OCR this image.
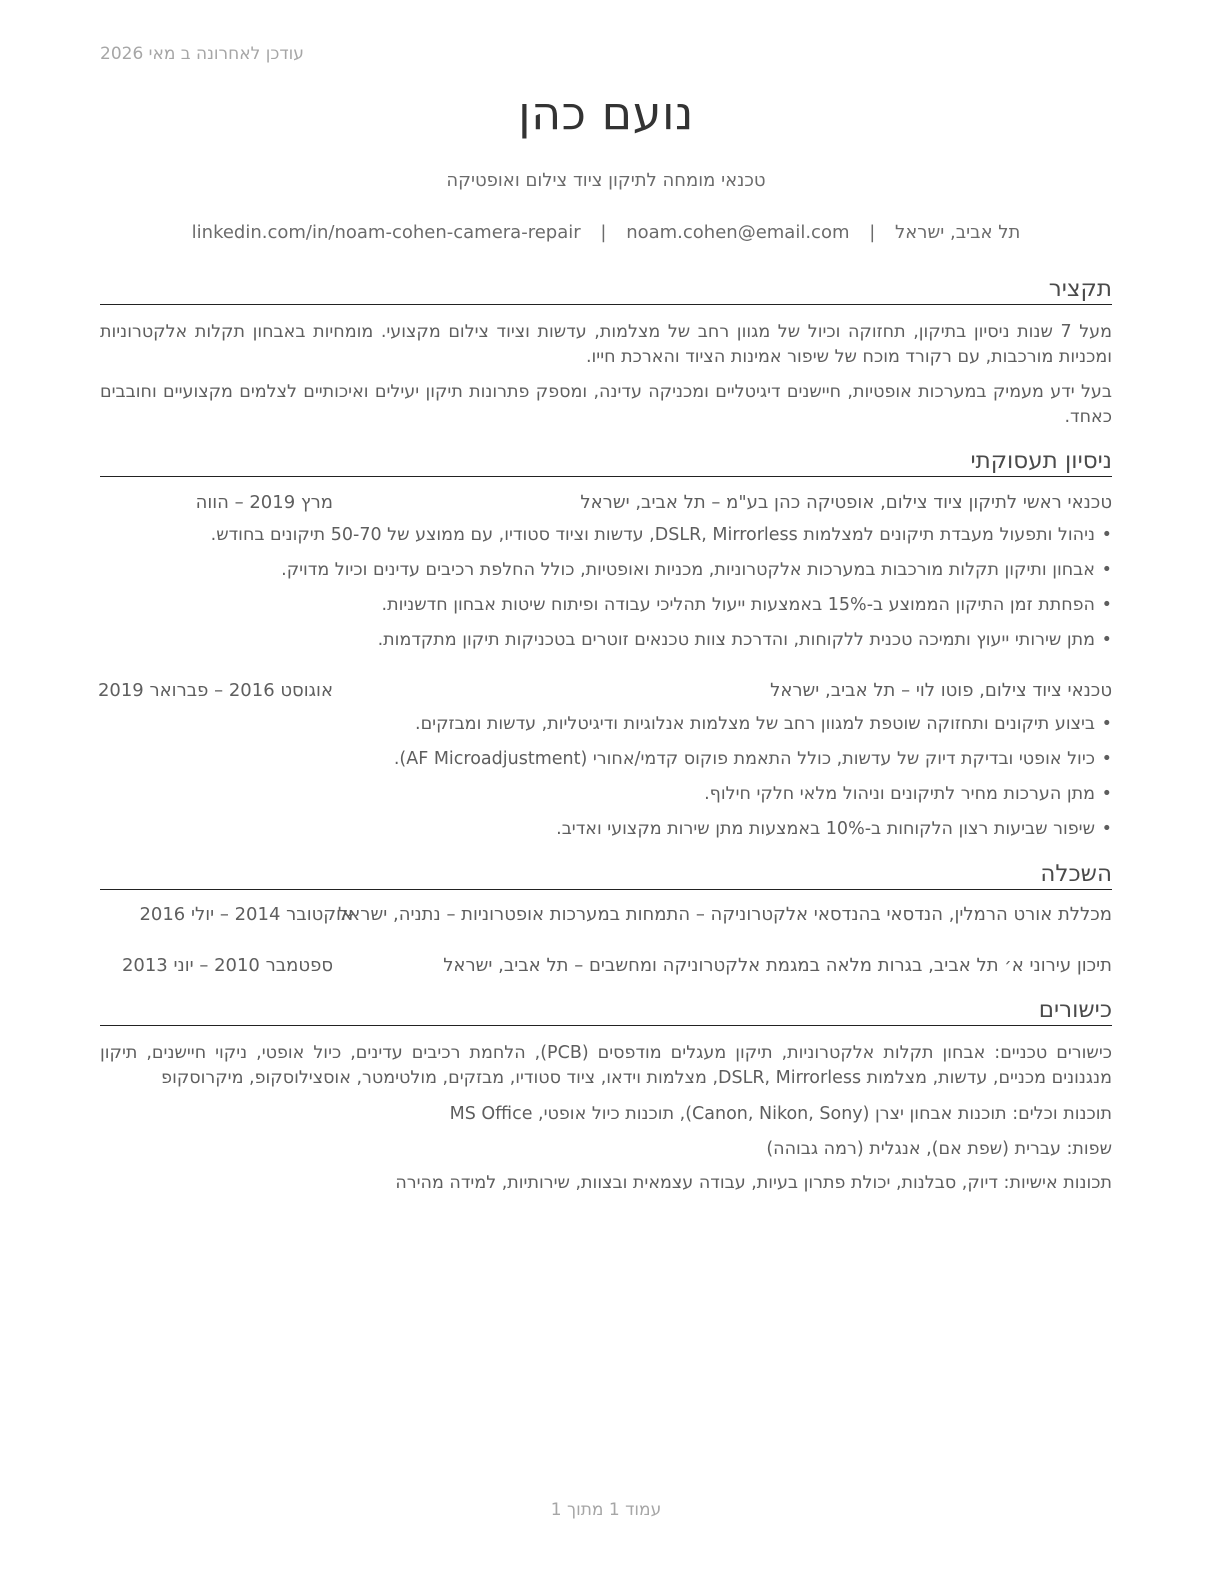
עודכן לאחרונה ב מאי 2026
נועם כהן
טכנאי מומחה לתיקון ציוד צילום ואופטיקה
תל אביב, ישראל | noam.cohen@email.com | linkedin.com/in/noam-cohen-camera-repair
תקציר
מעל 7 שנות ניסיון בתיקון, תחזוקה וכיול של מגוון רחב של מצלמות, עדשות וציוד צילום מקצועי. מומחיות באבחון תקלות אלקטרוניות ומכניות מורכבות, עם רקורד מוכח של שיפור אמינות הציוד והארכת חייו.
בעל ידע מעמיק במערכות אופטיות, חיישנים דיגיטליים ומכניקה עדינה, ומספק פתרונות תיקון יעילים ואיכותיים לצלמים מקצועיים וחובבים כאחד.
ניסיון תעסוקתי
טכנאי ראשי לתיקון ציוד צילום, אופטיקה כהן בע"מ – תל אביב, ישראל
מרץ 2019 – הווה
• ניהול ותפעול מעבדת תיקונים למצלמות DSLR, Mirrorless, עדשות וציוד סטודיו, עם ממוצע של 50-70 תיקונים בחודש.
• אבחון ותיקון תקלות מורכבות במערכות אלקטרוניות, מכניות ואופטיות, כולל החלפת רכיבים עדינים וכיול מדויק.
• הפחתת זמן התיקון הממוצע ב-15% באמצעות ייעול תהליכי עבודה ופיתוח שיטות אבחון חדשניות.
• מתן שירותי ייעוץ ותמיכה טכנית ללקוחות, והדרכת צוות טכנאים זוטרים בטכניקות תיקון מתקדמות.
טכנאי ציוד צילום, פוטו לוי – תל אביב, ישראל
אוגוסט 2016 – פברואר 2019
• ביצוע תיקונים ותחזוקה שוטפת למגוון רחב של מצלמות אנלוגיות ודיגיטליות, עדשות ומבזקים.
• כיול אופטי ובדיקת דיוק של עדשות, כולל התאמת פוקוס קדמי/אחורי (AF Microadjustment).
• מתן הערכות מחיר לתיקונים וניהול מלאי חלקי חילוף.
• שיפור שביעות רצון הלקוחות ב-10% באמצעות מתן שירות מקצועי ואדיב.
השכלה
מכללת אורט הרמלין, הנדסאי בהנדסאי אלקטרוניקה – התמחות במערכות אופטרוניות – נתניה, ישראל
אוקטובר 2014 – יולי 2016
תיכון עירוני א׳ תל אביב, בגרות מלאה במגמת אלקטרוניקה ומחשבים – תל אביב, ישראל
ספטמבר 2010 – יוני 2013
כישורים
כישורים טכניים: אבחון תקלות אלקטרוניות, תיקון מעגלים מודפסים (PCB), הלחמת רכיבים עדינים, כיול אופטי, ניקוי חיישנים, תיקון מנגנונים מכניים, עדשות, מצלמות DSLR, Mirrorless, מצלמות וידאו, ציוד סטודיו, מבזקים, מולטימטר, אוסצילוסקופ, מיקרוסקופ
תוכנות וכלים: תוכנות אבחון יצרן (Canon, Nikon, Sony), תוכנות כיול אופטי, MS Office
שפות: עברית (שפת אם), אנגלית (רמה גבוהה)
תכונות אישיות: דיוק, סבלנות, יכולת פתרון בעיות, עבודה עצמאית ובצוות, שירותיות, למידה מהירה
עמוד 1 מתוך 1
